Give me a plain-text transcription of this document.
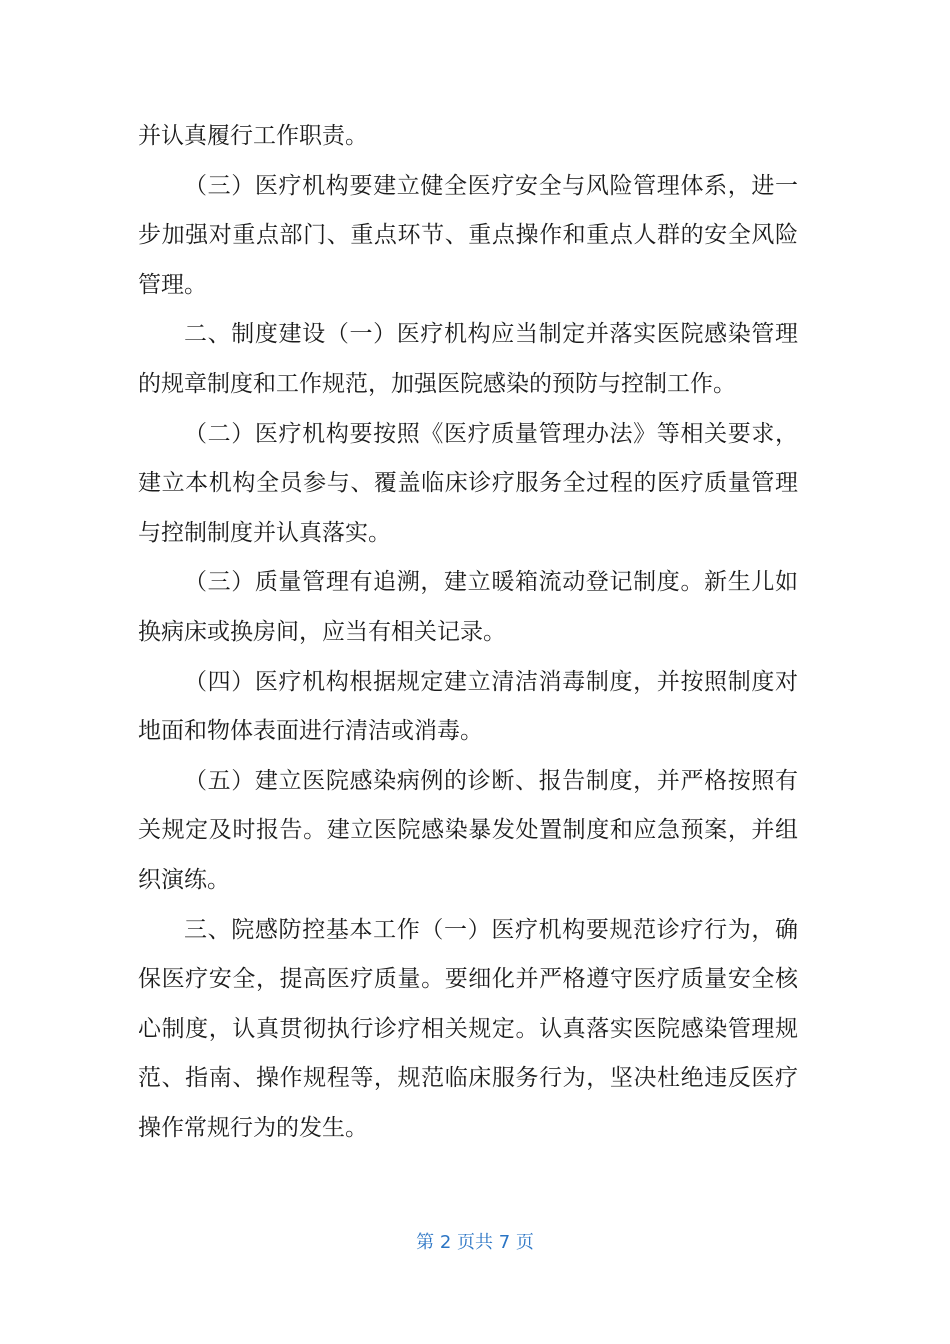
并认真履行工作职责。
（三）医疗机构要建立健全医疗安全与风险管理体系，进一
步加强对重点部门、重点环节、重点操作和重点人群的安全风险
管理。
二、制度建设（一）医疗机构应当制定并落实医院感染管理
的规章制度和工作规范，加强医院感染的预防与控制工作。
（二）医疗机构要按照《医疗质量管理办法》等相关要求，
建立本机构全员参与、覆盖临床诊疗服务全过程的医疗质量管理
与控制制度并认真落实。
（三）质量管理有追溯，建立暖箱流动登记制度。新生儿如
换病床或换房间，应当有相关记录。
（四）医疗机构根据规定建立清洁消毒制度，并按照制度对
地面和物体表面进行清洁或消毒。
（五）建立医院感染病例的诊断、报告制度，并严格按照有
关规定及时报告。建立医院感染暴发处置制度和应急预案，并组
织演练。
三、院感防控基本工作（一）医疗机构要规范诊疗行为，确
保医疗安全，提高医疗质量。要细化并严格遵守医疗质量安全核
心制度，认真贯彻执行诊疗相关规定。认真落实医院感染管理规
范、指南、操作规程等，规范临床服务行为，坚决杜绝违反医疗
操作常规行为的发生。
第 2 页共 7 页
